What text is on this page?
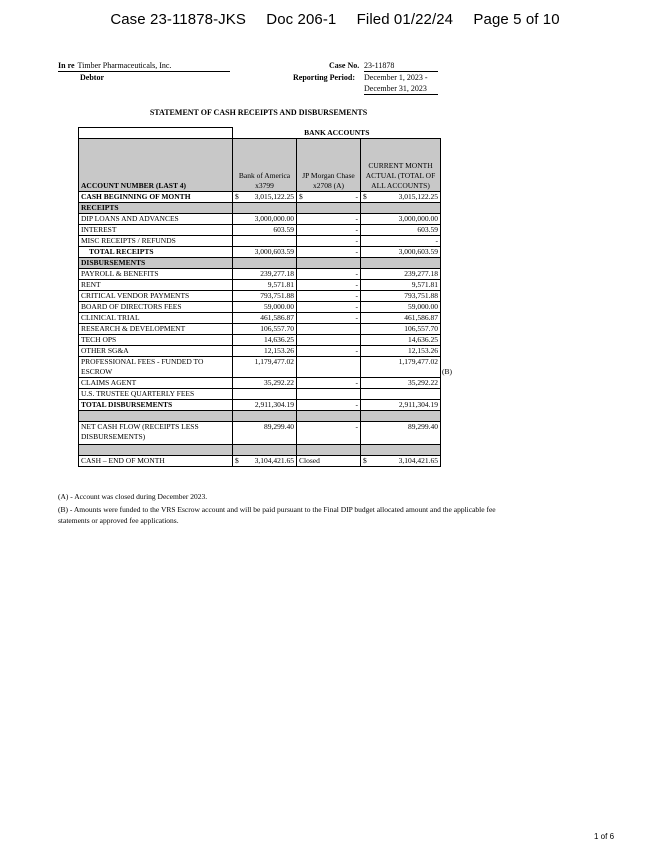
Case 23-11878-JKS Doc 206-1 Filed 01/22/24 Page 5 of 10
In re Timber Pharmaceuticals, Inc.
Debtor
Case No. 23-11878
Reporting Period: December 1, 2023 -
December 31, 2023
STATEMENT OF CASH RECEIPTS AND DISBURSEMENTS
	BANK ACCOUNTS		
ACCOUNT NUMBER (LAST 4)	Bank of America x3799	JP Morgan Chase x2708 (A)	CURRENT MONTH ACTUAL (TOTAL OF ALL ACCOUNTS)
CASH BEGINNING OF MONTH	$ 3,015,122.25	$ -	$ 3,015,122.25

RECEIPTS			
DIP LOANS AND ADVANCES	3,000,000.00	-	3,000,000.00
INTEREST	603.59	-	603.59
MISC RECEIPTS / REFUNDS		-	-
TOTAL RECEIPTS	3,000,603.59	-	3,000,603.59
DISBURSEMENTS			
PAYROLL & BENEFITS	239,277.18	-	239,277.18
RENT	9,571.81	-	9,571.81
CRITICAL VENDOR PAYMENTS	793,751.88	-	793,751.88
BOARD OF DIRECTORS FEES	59,000.00	-	59,000.00
CLINICAL TRIAL	461,586.87	-	461,586.87
RESEARCH & DEVELOPMENT	106,557.70		106,557.70
TECH OPS	14,636.25		14,636.25
OTHER SG&A	12,153.26	-	12,153.26
PROFESSIONAL FEES - FUNDED TO ESCROW	1,179,477.02		1,179,477.02
CLAIMS AGENT	35,292.22	-	35,292.22
U.S. TRUSTEE QUARTERLY FEES			
TOTAL DISBURSEMENTS	2,911,304.19	-	2,911,304.19

NET CASH FLOW (RECEIPTS LESS DISBURSEMENTS)	89,299.40	-	89,299.40

CASH – END OF MONTH	$ 3,104,421.65	Closed	$ 3,104,421.65
(B)

(A) - Account was closed during December 2023.

(B) - Amounts were funded to the VRS Escrow account and will be paid pursuant to the Final DIP budget allocated amount and the applicable fee statements or approved fee applications.

1 of 6
